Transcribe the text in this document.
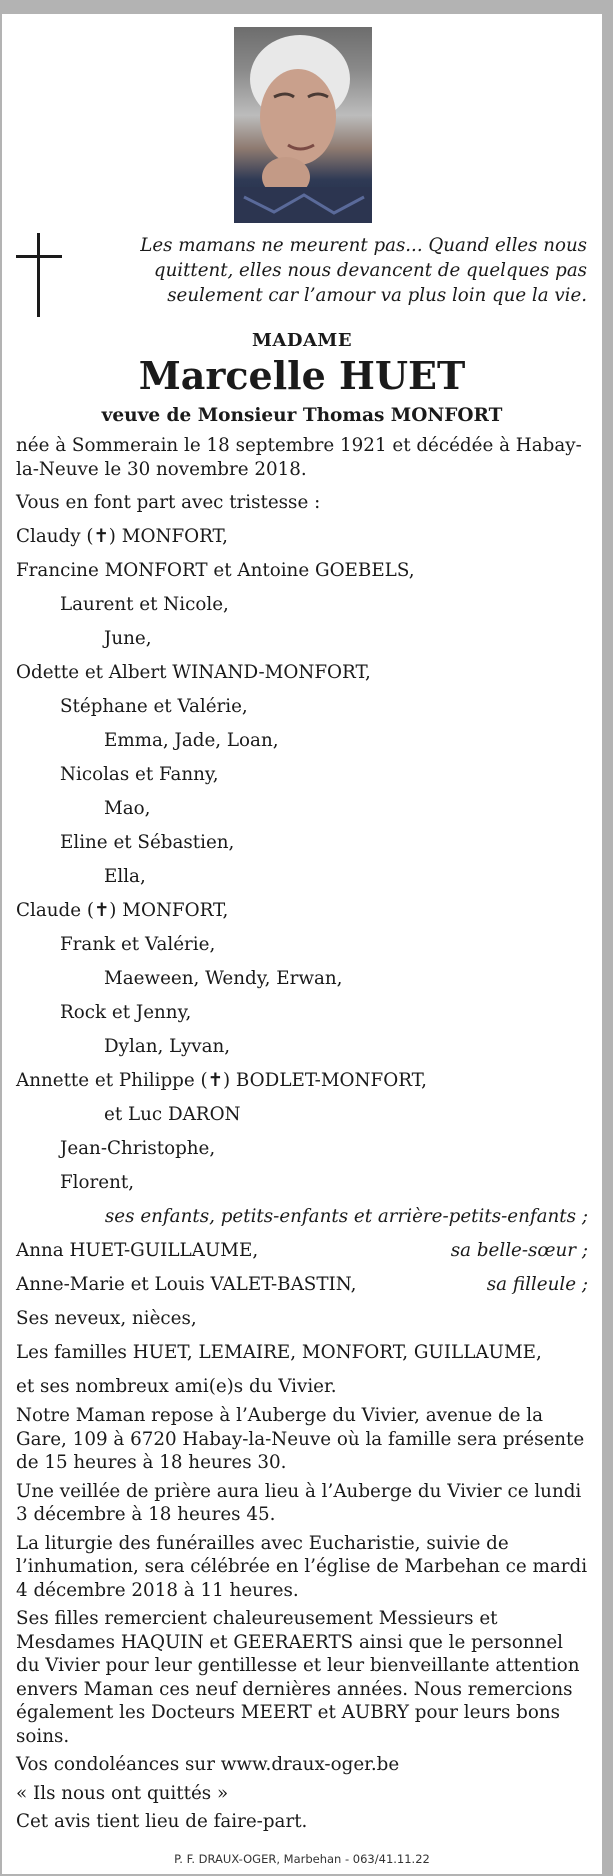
Les mamans ne meurent pas... Quand elles nous
quittent, elles nous devancent de quelques pas
seulement car l’amour va plus loin que la vie.
MADAME
Marcelle HUET
veuve de Monsieur Thomas MONFORT

née à Sommerain le 18 septembre 1921 et décédée à Habay-la-Neuve le 30 novembre 2018.

Vous en font part avec tristesse :

Claudy (✝) MONFORT,
Francine MONFORT et Antoine GOEBELS,
Laurent et Nicole,
June,
Odette et Albert WINAND-MONFORT,
Stéphane et Valérie,
Emma, Jade, Loan,
Nicolas et Fanny,
Mao,
Eline et Sébastien,
Ella,
Claude (✝) MONFORT,
Frank et Valérie,
Maeween, Wendy, Erwan,
Rock et Jenny,
Dylan, Lyvan,
Annette et Philippe (✝) BODLET-MONFORT,
et Luc DARON
Jean-Christophe,
Florent,
ses enfants, petits-enfants et arrière-petits-enfants ;
Anna HUET-GUILLAUME,	sa belle-sœur ;
Anne-Marie et Louis VALET-BASTIN,	sa filleule ;
Ses neveux, nièces,
Les familles HUET, LEMAIRE, MONFORT, GUILLAUME,
et ses nombreux ami(e)s du Vivier.

Notre Maman repose à l’Auberge du Vivier, avenue de la Gare, 109 à 6720 Habay-la-Neuve où la famille sera présente de 15 heures à 18 heures 30.

Une veillée de prière aura lieu à l’Auberge du Vivier ce lundi 3 décembre à 18 heures 45.

La liturgie des funérailles avec Eucharistie, suivie de l’inhumation, sera célébrée en l’église de Marbehan ce mardi 4 décembre 2018 à 11 heures.

Ses filles remercient chaleureusement Messieurs et Mesdames HAQUIN et GEERAERTS ainsi que le personnel du Vivier pour leur gentillesse et leur bienveillante attention envers Maman ces neuf dernières années. Nous remercions également les Docteurs MEERT et AUBRY pour leurs bons soins.

Vos condoléances sur www.draux-oger.be

« Ils nous ont quittés »

Cet avis tient lieu de faire-part.

P. F. DRAUX-OGER, Marbehan - 063/41.11.22
